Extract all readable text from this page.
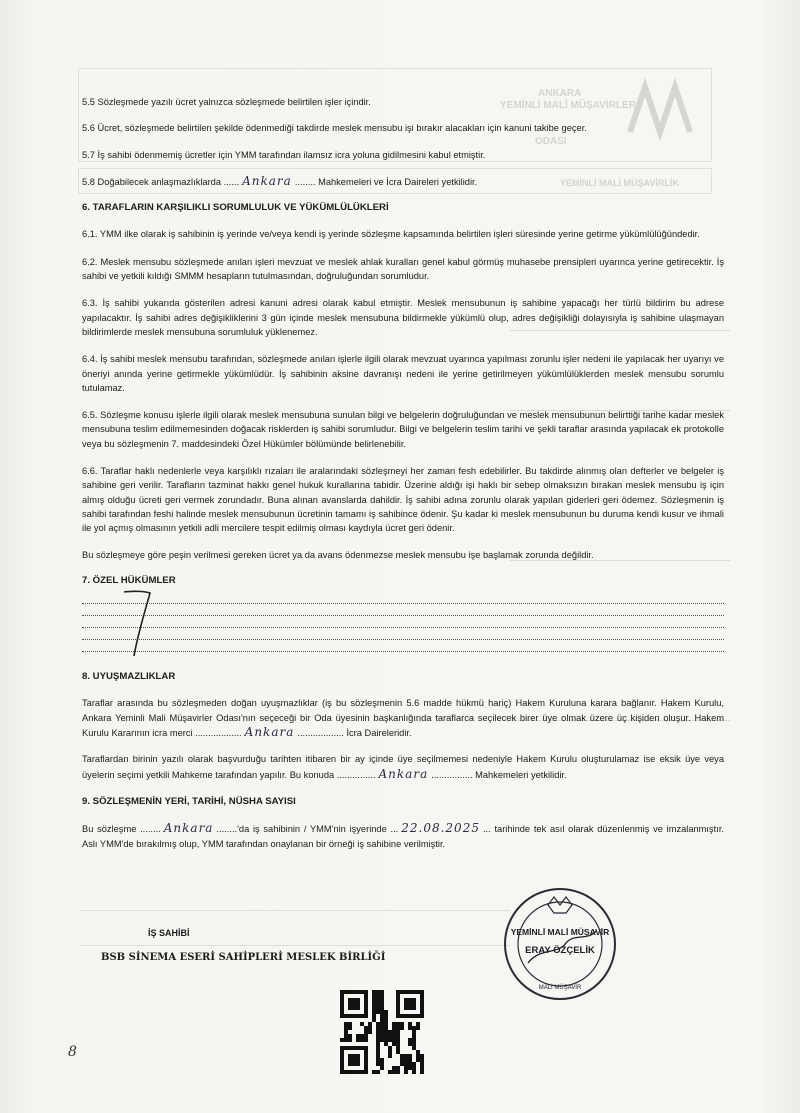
ANKARA
YEMİNLİ MALİ MÜŞAVİRLER
ODASI
YEMİNLİ MALİ MÜŞAVİRLİK

5.5 Sözleşmede yazılı ücret yalnızca sözleşmede belirtilen işler içindir.

5.6 Ücret, sözleşmede belirtilen şekilde ödenmediği takdirde meslek mensubu işi bırakır alacakları için kanuni takibe geçer.

5.7 İş sahibi ödenmemiş ücretler için YMM tarafından ilamsız icra yoluna gidilmesini kabul etmiştir.

5.8 Doğabilecek anlaşmazlıklarda ...... Ankara ........ Mahkemeleri ve İcra Daireleri yetkilidir.

6. TARAFLARIN KARŞILIKLI SORUMLULUK VE YÜKÜMLÜLÜKLERİ

6.1. YMM ilke olarak iş sahibinin iş yerinde ve/veya kendi iş yerinde sözleşme kapsamında belirtilen işleri süresinde yerine getirme yükümlülüğündedir.

6.2. Meslek mensubu sözleşmede anılan işleri mevzuat ve meslek ahlak kuralları genel kabul görmüş muhasebe prensipleri uyarınca yerine getirecektir. İş sahibi ve yetkili kıldığı SMMM hesapların tutulmasından, doğruluğundan sorumludur.

6.3. İş sahibi yukarıda gösterilen adresi kanuni adresi olarak kabul etmiştir. Meslek mensubunun iş sahibine yapacağı her türlü bildirim bu adrese yapılacaktır. İş sahibi adres değişikliklerini 3 gün içinde meslek mensubuna bildirmekle yükümlü olup, adres değişikliği dolayısıyla iş sahibine ulaşmayan bildirimlerde meslek mensubuna sorumluluk yüklenemez.

6.4. İş sahibi meslek mensubu tarafından, sözleşmede anılan işlerle ilgili olarak mevzuat uyarınca yapılması zorunlu işler nedeni ile yapılacak her uyarıyı ve öneriyi anında yerine getirmekle yükümlüdür. İş sahibinin aksine davranışı nedeni ile yerine getirilmeyen yükümlülüklerden meslek mensubu sorumlu tutulamaz.

6.5. Sözleşme konusu işlerle ilgili olarak meslek mensubuna sunulan bilgi ve belgelerin doğruluğundan ve meslek mensubunun belirttiği tarihe kadar meslek mensubuna teslim edilmemesinden doğacak risklerden iş sahibi sorumludur. Bilgi ve belgelerin teslim tarihi ve şekli taraflar arasında yapılacak ek protokolle veya bu sözleşmenin 7. maddesindeki Özel Hükümler bölümünde belirlenebilir.

6.6. Taraflar haklı nedenlerle veya karşılıklı rızaları ile aralarındaki sözleşmeyi her zaman fesh edebilirler. Bu takdirde alınmış olan defterler ve belgeler iş sahibine geri verilir. Tarafların tazminat hakkı genel hukuk kurallarına tabidir. Üzerine aldığı işi haklı bir sebep olmaksızın bırakan meslek mensubu iş için almış olduğu ücreti geri vermek zorundadır. Buna alınan avanslarda dahildir. İş sahibi adına zorunlu olarak yapılan giderleri geri ödemez. Sözleşmenin iş sahibi tarafından feshi halinde meslek mensubunun ücretinin tamamı iş sahibince ödenir. Şu kadar ki meslek mensubunun bu duruma kendi kusur ve ihmali ile yol açmış olmasının yetkili adli mercilere tespit edilmiş olması kaydıyla ücret geri ödenir.

Bu sözleşmeye göre peşin verilmesi gereken ücret ya da avans ödenmezse meslek mensubu işe başlamak zorunda değildir.

7. ÖZEL HÜKÜMLER

8. UYUŞMAZLIKLAR

Taraflar arasında bu sözleşmeden doğan uyuşmazlıklar (iş bu sözleşmenin 5.6 madde hükmü hariç) Hakem Kuruluna karara bağlanır. Hakem Kurulu, Ankara Yeminli Mali Müşavirler Odası'nın seçeceği bir Oda üyesinin başkanlığında taraflarca seçilecek birer üye olmak üzere üç kişiden oluşur. Hakem Kurulu Kararının icra merci .................. Ankara .................. İcra Daireleridir.

Taraflardan birinin yazılı olarak başvurduğu tarihten itibaren bir ay içinde üye seçilmemesi nedeniyle Hakem Kurulu oluşturulamaz ise eksik üye veya üyelerin seçimi yetkili Mahkeme tarafından yapılır. Bu konuda ............... Ankara ................ Mahkemeleri yetkilidir.

9. SÖZLEŞMENİN YERİ, TARİHİ, NÜSHA SAYISI

Bu sözleşme ........ Ankara ........'da iş sahibinin / YMM'nin işyerinde ... 22.08.2025 ... tarihinde tek asıl olarak düzenlenmiş ve imzalanmıştır. Aslı YMM'de bırakılmış olup, YMM tarafından onaylanan bir örneği iş sahibine verilmiştir.

İŞ SAHİBİ
BSB SİNEMA ESERİ SAHİPLERİ MESLEK BİRLİĞİ
YEMİNLİ MALİ MÜŞAVİR
ERAY ÖZÇELİK
MALİ MÜŞAVİR
8
